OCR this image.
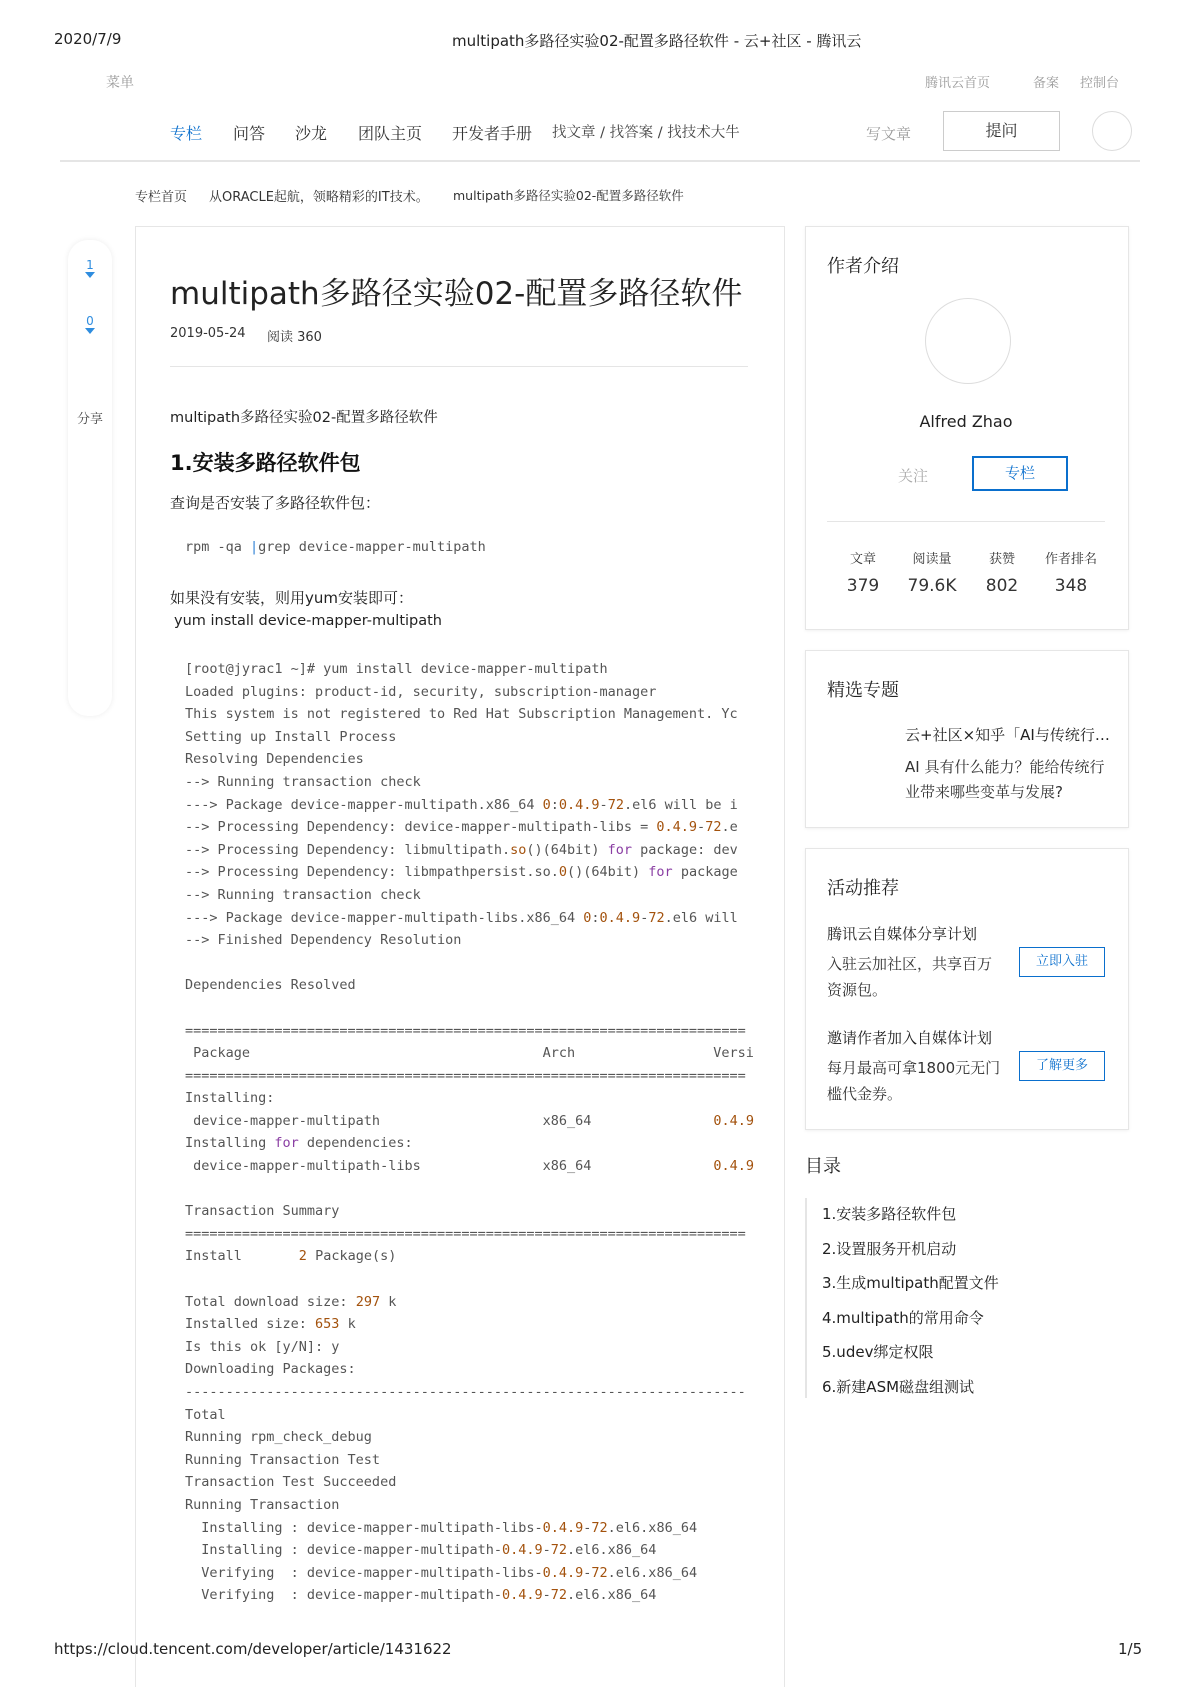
2020/7/9	multipath多路径实验02-配置多路径软件 - 云+社区 - 腾讯云
菜单	腾讯云首页	备案 控制台
专栏 问答 沙龙 团队主页 开发者手册 找文章 / 找答案 / 找技术大牛	写文章	提问
专栏首页 从ORACLE起航，领略精彩的IT技术。 multipath多路径实验02-配置多路径软件
1
0
分享
multipath多路径实验02-配置多路径软件
2019-05-24 阅读 360
multipath多路径实验02-配置多路径软件
1.安装多路径软件包
查询是否安装了多路径软件包：
rpm -qa |grep device-mapper-multipath
如果没有安装，则用yum安装即可：
yum install device-mapper-multipath
[root@jyrac1 ~]# yum install device-mapper-multipath
Loaded plugins: product-id, security, subscription-manager
This system is not registered to Red Hat Subscription Management. Yc
Setting up Install Process
Resolving Dependencies
--> Running transaction check
---> Package device-mapper-multipath.x86_64 0:0.4.9-72.el6 will be i
--> Processing Dependency: device-mapper-multipath-libs = 0.4.9-72.e
--> Processing Dependency: libmultipath.so()(64bit) for package: dev
--> Processing Dependency: libmpathpersist.so.0()(64bit) for package
--> Running transaction check
---> Package device-mapper-multipath-libs.x86_64 0:0.4.9-72.el6 will
--> Finished Dependency Resolution
Dependencies Resolved
=====================================================================
Package                                    Arch                 Versi
=====================================================================
Installing:
device-mapper-multipath                    x86_64               0.4.9
Installing for dependencies:
device-mapper-multipath-libs               x86_64               0.4.9
Transaction Summary
=====================================================================
Install       2 Package(s)
Total download size: 297 k
Installed size: 653 k
Is this ok [y/N]: y
Downloading Packages:
---------------------------------------------------------------------
Total
Running rpm_check_debug
Running Transaction Test
Transaction Test Succeeded
Running Transaction
Installing : device-mapper-multipath-libs-0.4.9-72.el6.x86_64
Installing : device-mapper-multipath-0.4.9-72.el6.x86_64
Verifying  : device-mapper-multipath-libs-0.4.9-72.el6.x86_64
Verifying  : device-mapper-multipath-0.4.9-72.el6.x86_64
作者介绍
Alfred Zhao
关注	专栏
文章
379
阅读量
79.6K
获赞
802
作者排名
348
精选专题
云+社区×知乎「AI与传统行…
AI 具有什么能力？能给传统行
业带来哪些变革与发展?
活动推荐
腾讯云自媒体分享计划
入驻云加社区，共享百万
资源包。
立即入驻
邀请作者加入自媒体计划
每月最高可拿1800元无门
槛代金券。
了解更多
目录
1.安装多路径软件包
2.设置服务开机启动
3.生成multipath配置文件
4.multipath的常用命令
5.udev绑定权限
6.新建ASM磁盘组测试
https://cloud.tencent.com/developer/article/1431622	1/5
